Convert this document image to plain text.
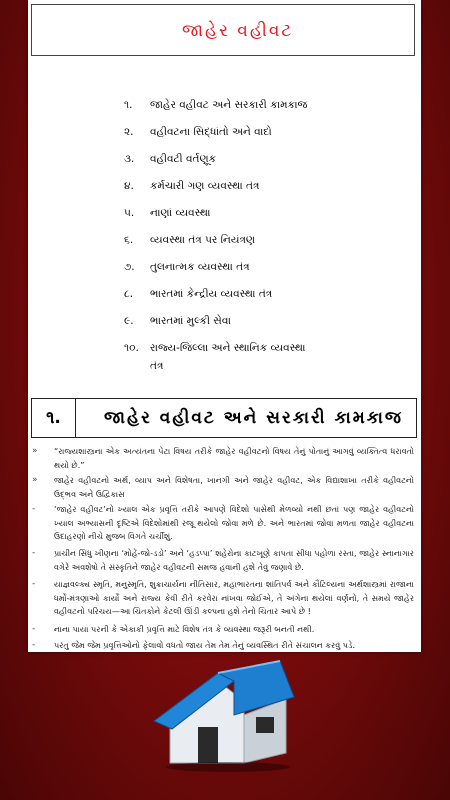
જાહેર વહીવટ
૧. જાહેર વહીવટ અને સરકારી કામકાજ
૨. વહીવટના સિદ્ધાંતો અને વાદો
૩. વહીવટી વર્તણૂક
૪. કર્મચારી ગણ વ્યવસ્થા તંત્ર
૫. નાણાં વ્યવસ્થા
૬. વ્યવસ્થા તંત્ર પર નિયંત્રણ
૭. તુલનાત્મક વ્યવસ્થા તંત્ર
૮. ભારતમાં કેન્દ્રીય વ્યવસ્થા તંત્ર
૯. ભારતમાં મુલ્કી સેવા
૧૦. રાજ્ય-જિલ્લા અને સ્થાનિક વ્યવસ્થા
તંત્ર
૧.	જાહેર વહીવટ અને સરકારી કામકાજ
» “રાજ્યશાસ્ત્રના એક અત્યંતના પેટા વિષય તરીકે જાહેર વહીવટનો વિષય તેનું પોતાનું આગવું વ્યક્તિત્વ ધરાવતો થયો છે.”
» જાહેર વહીવટનો અર્થ, વ્યાપ અને વિશેષતા, ખાનગી અને જાહેર વહીવટ, એક વિદ્યાશાખા તરીકે વહીવટનો ઉદ્‌ભવ અને ઉદ્વિકાસ
- ‘જાહેર વહીવટ’નો ખ્યાલ એક પ્રવૃત્તિ તરીકે આપણે વિદેશો પાસેથી મેળવ્યો નથી છતાં પણ જાહેર વહીવટનો ખ્યાલ અભ્યાસની દૃષ્ટિએ વિદેશોમાંથી રજૂ થયેલો જોવા મળે છે. અને ભારતમાં જોવા મળતા જાહેર વહીવટના ઉદાહરણો નીચે મુજબ વિગતે ચર્ચીશું.
- પ્રાચીન સિંધુ ખીણના ‘મોહેં-જો-ડડો’ અને ‘હડપ્પા’ શહેરોના કાટખૂણે કાપતા સીધા પહોળા રસ્તા, જાહેર સ્નાનાગાર વગેરે અવશેષો તે સંસ્કૃતિને જાહેર વહીવટની સમજ હવાની હશે તેવું જણાવે છે.
- યાજ્ઞવલ્ક્ય સ્મૃતિ, મનુસ્મૃતિ, શુક્રાચાર્યના નીતિસાર, મહાભારતના શાંતિપર્વ અને કૌટિલ્યના અર્થશાસ્ત્રમાં રાજાના ધર્મો-મંત્રણાઓ કાર્યો અને રાજ્ય કેવી રીતે કરવેરા નાંખવા જોઈએ, તે અંગેના થયેલાં વર્ણનો, તે સમયે જાહેર વહીવટનો પરિચય—આ ચિંતકોને કેટલી ઊંડી કલ્પના હશે તેનો ચિતાર આપે છે !
- નાના પાયા પરની કે એકાકી પ્રવૃત્તિ માટે વિશેષ તંત્ર કે વ્યવસ્થા જરૂરી બનતી નથી.
- પરંતુ જેમ જેમ પ્રવૃત્તિઓનો ફેલાવો વધતો જાય તેમ તેમ તેનું વ્યવસ્થિત રીતે સંચાલન કરવું પડે.
